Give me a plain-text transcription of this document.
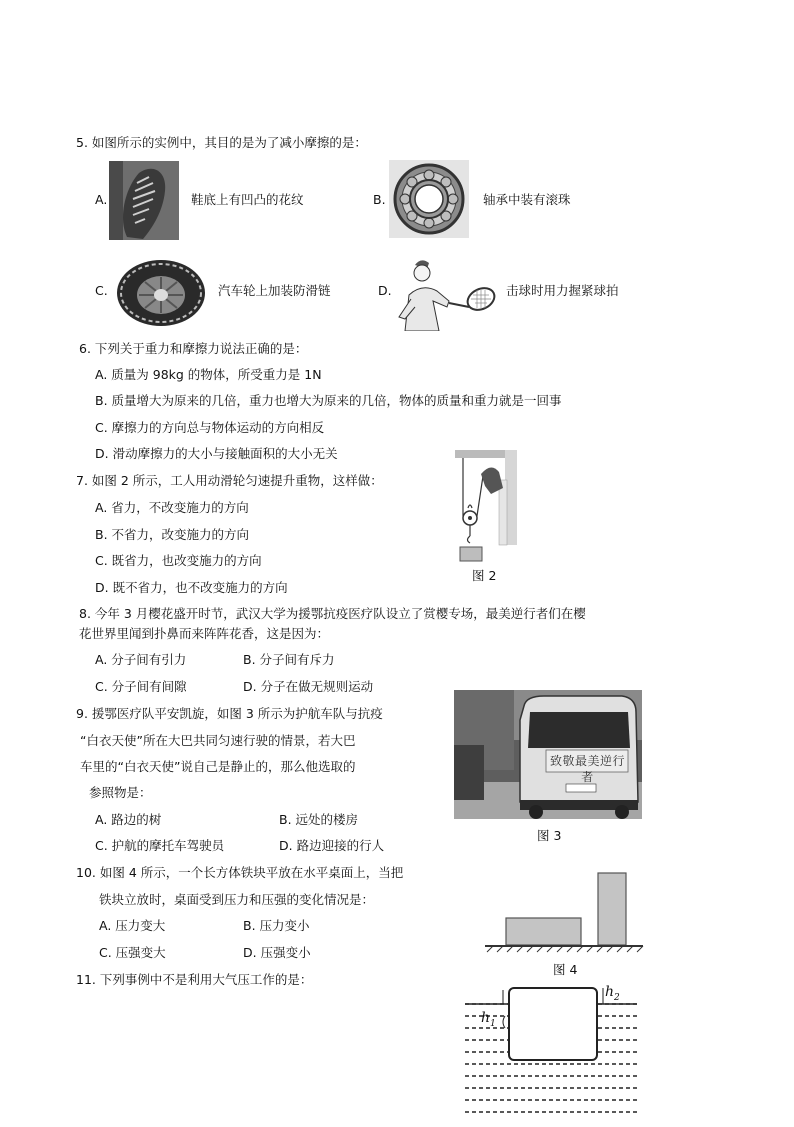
5. 如图所示的实例中，其目的是为了减小摩擦的是：
A.	鞋底上有凹凸的花纹	B.	轴承中装有滚珠
C.	汽车轮上加装防滑链	D.	击球时用力握紧球拍
6. 下列关于重力和摩擦力说法正确的是：
A. 质量为 98kg 的物体，所受重力是 1N
B. 质量增大为原来的几倍，重力也增大为原来的几倍，物体的质量和重力就是一回事
C. 摩擦力的方向总与物体运动的方向相反
D. 滑动摩擦力的大小与接触面积的大小无关
7. 如图 2 所示，工人用动滑轮匀速提升重物，这样做：
A. 省力，不改变施力的方向
B. 不省力，改变施力的方向
C. 既省力，也改变施力的方向
D. 既不省力，也不改变施力的方向
图 2
8. 今年 3 月樱花盛开时节，武汉大学为援鄂抗疫医疗队设立了赏樱专场，最美逆行者们在樱
花世界里闻到扑鼻而来阵阵花香，这是因为：
A. 分子间有引力	B. 分子间有斥力
C. 分子间有间隙	D. 分子在做无规则运动
9. 援鄂医疗队平安凯旋，如图 3 所示为护航车队与抗疫
“白衣天使”所在大巴共同匀速行驶的情景，若大巴
车里的“白衣天使”说自己是静止的，那么他选取的
参照物是：
A. 路边的树	B. 远处的楼房
C. 护航的摩托车驾驶员	D. 路边迎接的行人
致敬最美逆行者
图 3
10. 如图 4 所示，一个长方体铁块平放在水平桌面上，当把
铁块立放时，桌面受到压力和压强的变化情况是：
A. 压力变大	B. 压力变小
C. 压强变大	D. 压强变小
图 4
11. 下列事例中不是利用大气压工作的是：
$h_1$
$h_2$
